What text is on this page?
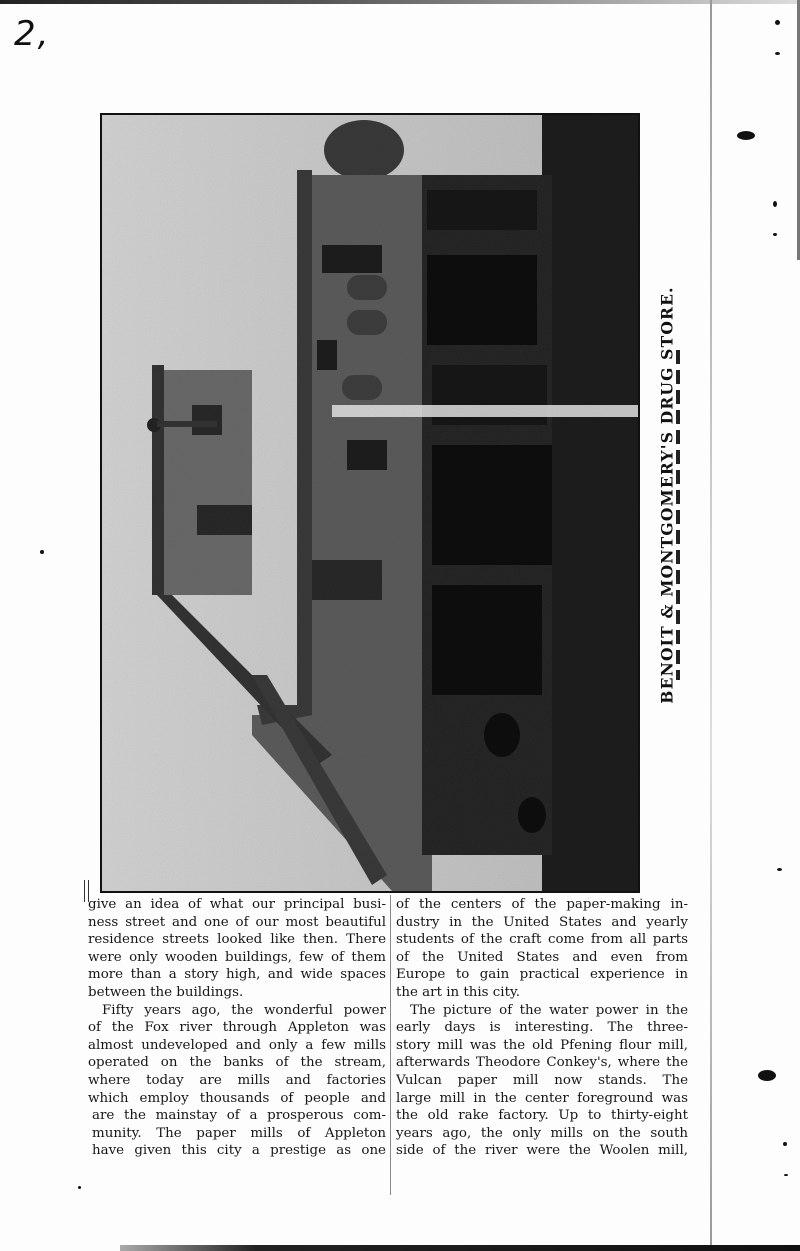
2,
BENOIT & MONTGOMERY'S DRUG STORE.
give an idea of what our principal busi-
ness street and one of our most beautiful
residence streets looked like then. There
were only wooden buildings, few of them
more than a story high, and wide spaces
between the buildings.
Fifty years ago, the wonderful power
of the Fox river through Appleton was
almost undeveloped and only a few mills
operated on the banks of the stream,
where today are mills and factories
which employ thousands of people and
are the mainstay of a prosperous com-
munity. The paper mills of Appleton
have given this city a prestige as one
of the centers of the paper-making in-
dustry in the United States and yearly
students of the craft come from all parts
of the United States and even from
Europe to gain practical experience in
the art in this city.
The picture of the water power in the
early days is interesting. The three-
story mill was the old Pfening flour mill,
afterwards Theodore Conkey's, where the
Vulcan paper mill now stands. The
large mill in the center foreground was
the old rake factory. Up to thirty-eight
years ago, the only mills on the south
side of the river were the Woolen mill,
